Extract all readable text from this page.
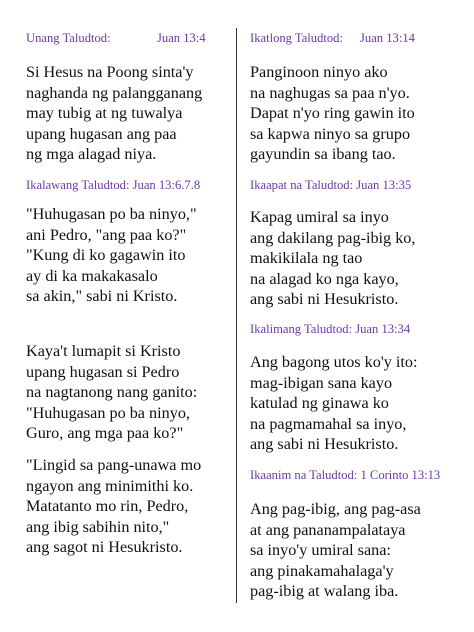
Unang Taludtod:	Juan 13:4
Si Hesus na Poong sinta'y
naghanda ng palangganang
may tubig at ng tuwalya
upang hugasan ang paa
ng mga alagad niya.
Ikalawang Taludtod: Juan 13:6.7.8
"Huhugasan po ba ninyo,"
ani Pedro, "ang paa ko?"
"Kung di ko gagawin ito
ay di ka makakasalo
sa akin," sabi ni Kristo.
Kaya't lumapit si Kristo
upang hugasan si Pedro
na nagtanong nang ganito:
"Huhugasan po ba ninyo,
Guro, ang mga paa ko?"
"Lingid sa pang-unawa mo
ngayon ang minimithi ko.
Matatanto mo rin, Pedro,
ang ibig sabihin nito,"
ang sagot ni Hesukristo.
Ikatlong Taludtod: Juan 13:14
Panginoon ninyo ako
na naghugas sa paa n'yo.
Dapat n'yo ring gawin ito
sa kapwa ninyo sa grupo
gayundin sa ibang tao.
Ikaapat na Taludtod: Juan 13:35
Kapag umiral sa inyo
ang dakilang pag-ibig ko,
makikilala ng tao
na alagad ko nga kayo,
ang sabi ni Hesukristo.
Ikalimang Taludtod: Juan 13:34
Ang bagong utos ko'y ito:
mag-ibigan sana kayo
katulad ng ginawa ko
na pagmamahal sa inyo,
ang sabi ni Hesukristo.
Ikaanim na Taludtod: 1 Corinto 13:13
Ang pag-ibig, ang pag-asa
at ang pananampalataya
sa inyo'y umiral sana:
ang pinakamahalaga'y
pag-ibig at walang iba.
